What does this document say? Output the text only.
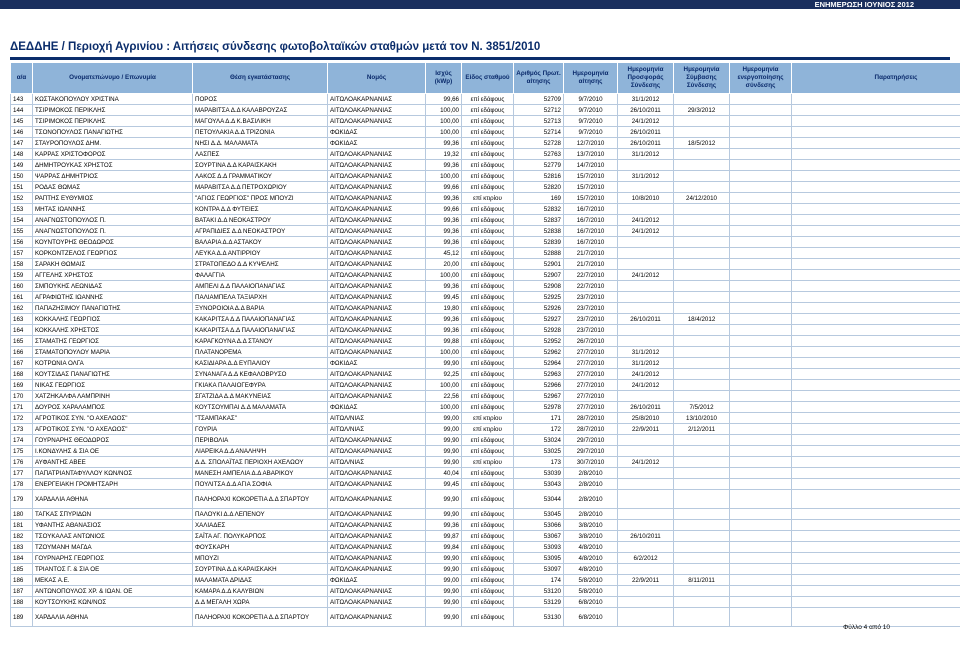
ΕΝΗΜΕΡΩΣΗ ΙΟΥΝΙΟΣ 2012
ΔΕΔΔΗΕ / Περιοχή Αγρινίου : Αιτήσεις σύνδεσης φωτοβολταϊκών σταθμών μετά τον Ν. 3851/2010
α/α	Ονοματεπώνυμο / Επωνυμία	Θέση εγκατάστασης	Νομός	Ισχύς (kWp)	Είδος σταθμού	Αριθμός Πρωτ. αίτησης	Ημερομηνία αίτησης	Ημερομηνία Προσφοράς Σύνδεσης	Ημερομηνία Σύμβασης Σύνδεσης	Ημερομηνία ενεργοποίησης σύνδεσης	Παρατηρήσεις
143	ΚΩΣΤΑΚΟΠΟΥΛΟΥ ΧΡΙΣΤΙΝΑ	ΠΟΡΟΣ	ΑΙΤΩΛΟΑΚΑΡΝΑΝΙΑΣ	99,66	επί εδάφους	52709	9/7/2010	31/1/2012			
144	ΤΣΙΡΙΜΟΚΟΣ ΠΕΡΙΚΛΗΣ	ΜΑΡΑΒΙΤΣΑ Δ.Δ ΚΑΛΑΒΡΟΥΖΑΣ	ΑΙΤΩΛΟΑΚΑΡΝΑΝΙΑΣ	100,00	επί εδάφους	52712	9/7/2010	26/10/2011	29/3/2012		
145	ΤΣΙΡΙΜΟΚΟΣ ΠΕΡΙΚΛΗΣ	ΜΑΓΟΥΛΑ Δ.Δ Κ.ΒΑΣΙΛΙΚΗ	ΑΙΤΩΛΟΑΚΑΡΝΑΝΙΑΣ	100,00	επί εδάφους	52713	9/7/2010	24/1/2012			
146	ΤΣΟΝΟΠΟΥΛΟΣ ΠΑΝΑΓΙΩΤΗΣ	ΠΕΤΟΥΛΑΚΙΑ Δ.Δ ΤΡΙΖΟΝΙΑ	ΦΩΚΙΔΑΣ	100,00	επί εδάφους	52714	9/7/2010	26/10/2011			
147	ΣΤΑΥΡΟΠΟΥΛΟΣ ΔΗΜ.	ΝΗΣΙ Δ.Δ. ΜΑΛΑΜΑΤΑ	ΦΩΚΙΔΑΣ	99,36	επί εδάφους	52728	12/7/2010	26/10/2011	18/5/2012		
148	ΚΑΡΡΑΣ ΧΡΙΣΤΟΦΟΡΟΣ	ΛΑΣΠΕΣ	ΑΙΤΩΛΟΑΚΑΡΝΑΝΙΑΣ	19,32	επί εδάφους	52763	13/7/2010	31/1/2012			
149	ΔΗΜΗΤΡΟΥΚΑΣ ΧΡΗΣΤΟΣ	ΣΟΥΡΤΙΝΑ Δ.Δ ΚΑΡΑΙΣΚΑΚΗ	ΑΙΤΩΛΟΑΚΑΡΝΑΝΙΑΣ	99,36	επί εδάφους	52779	14/7/2010				
150	ΨΑΡΡΑΣ ΔΗΜΗΤΡΙΟΣ	ΛΑΚΟΣ Δ.Δ ΓΡΑΜΜΑΤΙΚΟΥ	ΑΙΤΩΛΟΑΚΑΡΝΑΝΙΑΣ	100,00	επί εδάφους	52816	15/7/2010	31/1/2012			
151	ΡΟΔΑΣ ΘΩΜΑΣ	ΜΑΡΑΒΙΤΣΑ Δ.Δ ΠΕΤΡΟΧΩΡΙΟΥ	ΑΙΤΩΛΟΑΚΑΡΝΑΝΙΑΣ	99,66	επί εδάφους	52820	15/7/2010				
152	ΡΑΠΤΗΣ ΕΥΘΥΜΙΟΣ	"ΑΓΙΟΣ ΓΕΩΡΓΙΟΣ" ΠΡΟΣ ΜΠΟΥΖΙ	ΑΙΤΩΛΟΑΚΑΡΝΑΝΙΑΣ	99,36	επί κτιρίου	169	15/7/2010	10/8/2010	24/12/2010		
153	ΜΗΤΑΣ ΙΩΑΝΝΗΣ	ΚΟΝΤΡΑ Δ.Δ ΦΥΤΕΙΕΣ	ΑΙΤΩΛΟΑΚΑΡΝΑΝΙΑΣ	99,66	επί εδάφους	52832	16/7/2010				
154	ΑΝΑΓΝΩΣΤΟΠΟΥΛΟΣ Π.	ΒΑΤΑΚΙ Δ.Δ ΝΕΟΚΑΣΤΡΟΥ	ΑΙΤΩΛΟΑΚΑΡΝΑΝΙΑΣ	99,36	επί εδάφους	52837	16/7/2010	24/1/2012			
155	ΑΝΑΓΝΩΣΤΟΠΟΥΛΟΣ Π.	ΑΓΡΑΠΙΔΙΕΣ Δ.Δ ΝΕΟΚΑΣΤΡΟΥ	ΑΙΤΩΛΟΑΚΑΡΝΑΝΙΑΣ	99,36	επί εδάφους	52838	16/7/2010	24/1/2012			
156	ΚΟΥΝΤΟΥΡΗΣ ΘΕΟΔΩΡΟΣ	ΒΑΛΑΡΙΑ Δ.Δ ΑΣΤΑΚΟΥ	ΑΙΤΩΛΟΑΚΑΡΝΑΝΙΑΣ	99,36	επί εδάφους	52839	16/7/2010				
157	ΚΟΡΚΟΝΤΖΕΛΟΣ ΓΕΩΡΓΙΟΣ	ΛΕΥΚΑ Δ.Δ ΑΝΤΙΡΡΙΟΥ	ΑΙΤΩΛΟΑΚΑΡΝΑΝΙΑΣ	45,12	επί εδάφους	52888	21/7/2010				
158	ΣΑΡΑΚΗ ΘΩΜΑΙΣ	ΣΤΡΑΤΟΠΕΔΟ Δ.Δ ΚΥΨΕΛΗΣ	ΑΙΤΩΛΟΑΚΑΡΝΑΝΙΑΣ	20,00	επί εδάφους	52901	21/7/2010				
159	ΑΓΓΕΛΗΣ ΧΡΗΣΤΟΣ	ΦΑΛΑΓΓΙΑ	ΑΙΤΩΛΟΑΚΑΡΝΑΝΙΑΣ	100,00	επί εδάφους	52907	22/7/2010	24/1/2012			
160	ΣΜΠΟΥΚΗΣ ΛΕΩΝΙΔΑΣ	ΑΜΠΕΛΙ Δ.Δ ΠΑΛΑΙΟΠΑΝΑΓΙΑΣ	ΑΙΤΩΛΟΑΚΑΡΝΑΝΙΑΣ	99,36	επί εδάφους	52908	22/7/2010				
161	ΑΓΡΑΦΙΩΤΗΣ ΙΩΑΝΝΗΣ	ΠΑΛΙΑΜΠΕΛΑ ΤΑΞΙΑΡΧΗ	ΑΙΤΩΛΟΑΚΑΡΝΑΝΙΑΣ	99,45	επί εδάφους	52925	23/7/2010				
162	ΠΑΠΑΖΗΣΙΜΟΥ ΠΑΝΑΓΙΩΤΗΣ	ΞΥΝΟΡΟΙΟΙΑ Δ.Δ ΒΑΡΙΑ	ΑΙΤΩΛΟΑΚΑΡΝΑΝΙΑΣ	19,80	επί εδάφους	52926	23/7/2010				
163	ΚΟΚΚΑΛΗΣ ΓΕΩΡΓΙΟΣ	ΚΑΚΑΡΙΤΣΑ Δ.Δ ΠΑΛΑΙΟΠΑΝΑΓΙΑΣ	ΑΙΤΩΛΟΑΚΑΡΝΑΝΙΑΣ	99,36	επί εδάφους	52927	23/7/2010	26/10/2011	18/4/2012		
164	ΚΟΚΚΑΛΗΣ ΧΡΗΣΤΟΣ	ΚΑΚΑΡΙΤΣΑ Δ.Δ ΠΑΛΑΙΟΠΑΝΑΓΙΑΣ	ΑΙΤΩΛΟΑΚΑΡΝΑΝΙΑΣ	99,36	επί εδάφους	52928	23/7/2010				
165	ΣΤΑΜΑΤΗΣ ΓΕΩΡΓΙΟΣ	ΚΑΡΑΓΚΟΥΝΑ Δ.Δ ΣΤΑΝΟΥ	ΑΙΤΩΛΟΑΚΑΡΝΑΝΙΑΣ	99,88	επί εδάφους	52952	26/7/2010				
166	ΣΤΑΜΑΤΟΠΟΥΛΟΥ ΜΑΡΙΑ	ΠΛΑΤΑΝΟΡΕΜΑ	ΑΙΤΩΛΟΑΚΑΡΝΑΝΙΑΣ	100,00	επί εδάφους	52962	27/7/2010	31/1/2012			
167	ΚΟΤΡΩΝΙΑ ΟΛΓΑ	ΚΑΣΙΔΙΑΡΑ Δ.Δ ΕΥΠΑΛΙΟΥ	ΦΩΚΙΔΑΣ	99,90	επί εδάφους	52964	27/7/2010	31/1/2012			
168	ΚΟΥΤΣΙΔΑΣ ΠΑΝΑΓΙΩΤΗΣ	ΣΥΝΑΝΑΓΑ Δ.Δ ΚΕΦΑΛΟΒΡΥΣΟ	ΑΙΤΩΛΟΑΚΑΡΝΑΝΙΑΣ	92,25	επί εδάφους	52963	27/7/2010	24/1/2012			
169	ΝΙΚΑΣ ΓΕΩΡΓΙΟΣ	ΓΚΙΑΚΑ ΠΑΛΑΙΟΓΕΦΥΡΑ	ΑΙΤΩΛΟΑΚΑΡΝΑΝΙΑΣ	100,00	επί εδάφους	52966	27/7/2010	24/1/2012			
170	ΧΑΤΖΗΚΑΛΦΑ ΛΑΜΠΡΙΝΗ	ΣΓΑΤΖΙΔΑ Δ.Δ ΜΑΚΥΝΕΙΑΣ	ΑΙΤΩΛΟΑΚΑΡΝΑΝΙΑΣ	22,56	επί εδάφους	52967	27/7/2010				
171	ΔΟΥΡΟΣ ΧΑΡΑΛΑΜΠΟΣ	ΚΟΥΤΣΟΥΜΠΑΙ Δ.Δ ΜΑΛΑΜΑΤΑ	ΦΩΚΙΔΑΣ	100,00	επί εδάφους	52978	27/7/2010	26/10/2011	7/5/2012		
172	ΑΓΡΟΤΙΚΟΣ ΣΥΝ. "Ο ΑΧΕΛΩΟΣ"	"ΤΣΑΜΠΑΚΑΣ"	ΑΙΤΩΛ/ΝΙΑΣ	99,00	επί κτιρίου	171	28/7/2010	25/8/2010	13/10/2010		
173	ΑΓΡΟΤΙΚΟΣ ΣΥΝ. "Ο ΑΧΕΛΩΟΣ"	ΓΟΥΡΙΑ	ΑΙΤΩΛ/ΝΙΑΣ	99,00	επί κτιρίου	172	28/7/2010	22/9/2011	2/12/2011		
174	ΓΟΥΡΝΑΡΗΣ ΘΕΟΔΩΡΟΣ	ΠΕΡΙΒΟΛΙΑ	ΑΙΤΩΛΟΑΚΑΡΝΑΝΙΑΣ	99,90	επί εδάφους	53024	29/7/2010				
175	Ι.ΚΟΝΔΥΛΗΣ & ΣΙΑ ΟΕ	ΛΙΑΡΕΙΚΑ Δ.Δ ΑΝΑΛΗΨΗ	ΑΙΤΩΛΟΑΚΑΡΝΑΝΙΑΣ	99,90	επί εδάφους	53025	29/7/2010				
176	ΑΥΦΑΝΤΗΣ ΑΒΕΕ	Δ.Δ. ΣΠΟΛΑΪΤΑΣ ΠΕΡΙΟΧΗ ΑΧΕΛΩΟΥ	ΑΙΤΩΛ/ΝΙΑΣ	99,90	επί κτιρίου	173	30/7/2010	24/1/2012			
177	ΠΑΠΑΤΡΙΑΝΤΑΦΥΛΛΟΥ ΚΩΝ/ΝΟΣ	ΜΑΝΕΣΗ ΑΜΠΕΛΙΑ Δ.Δ ΑΒΑΡΙΚΟΥ	ΑΙΤΩΛΟΑΚΑΡΝΑΝΙΑΣ	40,04	επί εδάφους	53039	2/8/2010				
178	ΕΝΕΡΓΕΙΑΚΗ ΓΡΟΜΗΤΣΑΡΗ	ΠΟΥΛΙΤΣΑ Δ.Δ ΑΓΙΑ ΣΟΦΙΑ	ΑΙΤΩΛΟΑΚΑΡΝΑΝΙΑΣ	99,45	επί εδάφους	53043	2/8/2010				
179	ΧΑΡΔΑΛΙΑ ΑΘΗΝΑ	ΠΑΛΗΟΡΑΧΙ ΚΟΚΟΡΕΤΙΑ Δ.Δ ΣΠΑΡΤΟΥ	ΑΙΤΩΛΟΑΚΑΡΝΑΝΙΑΣ	99,90	επί εδάφους	53044	2/8/2010				
180	ΤΑΓΚΑΣ ΣΠΥΡΙΔΩΝ	ΠΑΛΟΥΚΙ Δ.Δ ΛΕΠΕΝΟΥ	ΑΙΤΩΛΟΑΚΑΡΝΑΝΙΑΣ	99,90	επί εδάφους	53045	2/8/2010				
181	ΥΦΑΝΤΗΣ ΑΘΑΝΑΣΙΟΣ	ΧΑΛΙΑΔΕΣ	ΑΙΤΩΛΟΑΚΑΡΝΑΝΙΑΣ	99,36	επί εδάφους	53066	3/8/2010				
182	ΤΣΟΥΚΑΛΑΣ ΑΝΤΩΝΙΟΣ	ΣΑΪΤΑ ΑΓ. ΠΟΛΥΚΑΡΠΟΣ	ΑΙΤΩΛΟΑΚΑΡΝΑΝΙΑΣ	99,87	επί εδάφους	53067	3/8/2010	26/10/2011			
183	ΤΖΟΥΜΑΝΗ ΜΑΓΔΑ	ΦΟΥΣΚΑΡΗ	ΑΙΤΩΛΟΑΚΑΡΝΑΝΙΑΣ	99,84	επί εδάφους	53093	4/8/2010				
184	ΓΟΥΡΝΑΡΗΣ ΓΕΩΡΓΙΟΣ	ΜΠΟΥΖΙ	ΑΙΤΩΛΟΑΚΑΡΝΑΝΙΑΣ	99,90	επί εδάφους	53095	4/8/2010	6/2/2012			
185	ΤΡΙΑΝΤΟΣ Γ. & ΣΙΑ ΟΕ	ΣΟΥΡΤΙΝΑ Δ.Δ ΚΑΡΑΙΣΚΑΚΗ	ΑΙΤΩΛΟΑΚΑΡΝΑΝΙΑΣ	99,90	επί εδάφους	53097	4/8/2010				
186	ΜΕΚΑΣ Α.Ε.	ΜΑΛΑΜΑΤΑ ΔΡΙΔΑΣ	ΦΩΚΙΔΑΣ	99,00	επί εδάφους	174	5/8/2010	22/9/2011	8/11/2011		
187	ΑΝΤΩΝΟΠΟΥΛΟΣ ΧΡ. & ΙΩΑΝ. ΟΕ	ΚΑΜΑΡΑ Δ.Δ ΚΑΛΥΒΙΩΝ	ΑΙΤΩΛΟΑΚΑΡΝΑΝΙΑΣ	99,90	επί εδάφους	53120	5/8/2010				
188	ΚΟΥΤΣΟΥΚΗΣ ΚΩΝ/ΝΟΣ	Δ.Δ ΜΕΓΑΛΗ ΧΩΡΑ	ΑΙΤΩΛΟΑΚΑΡΝΑΝΙΑΣ	99,90	επί εδάφους	53129	6/8/2010				
189	ΧΑΡΔΑΛΙΑ ΑΘΗΝΑ	ΠΑΛΗΟΡΑΧΙ ΚΟΚΟΡΕΤΙΑ Δ.Δ ΣΠΑΡΤΟΥ	ΑΙΤΩΛΟΑΚΑΡΝΑΝΙΑΣ	99,90	επί εδάφους	53130	6/8/2010				
Φύλλο 4 από 10
